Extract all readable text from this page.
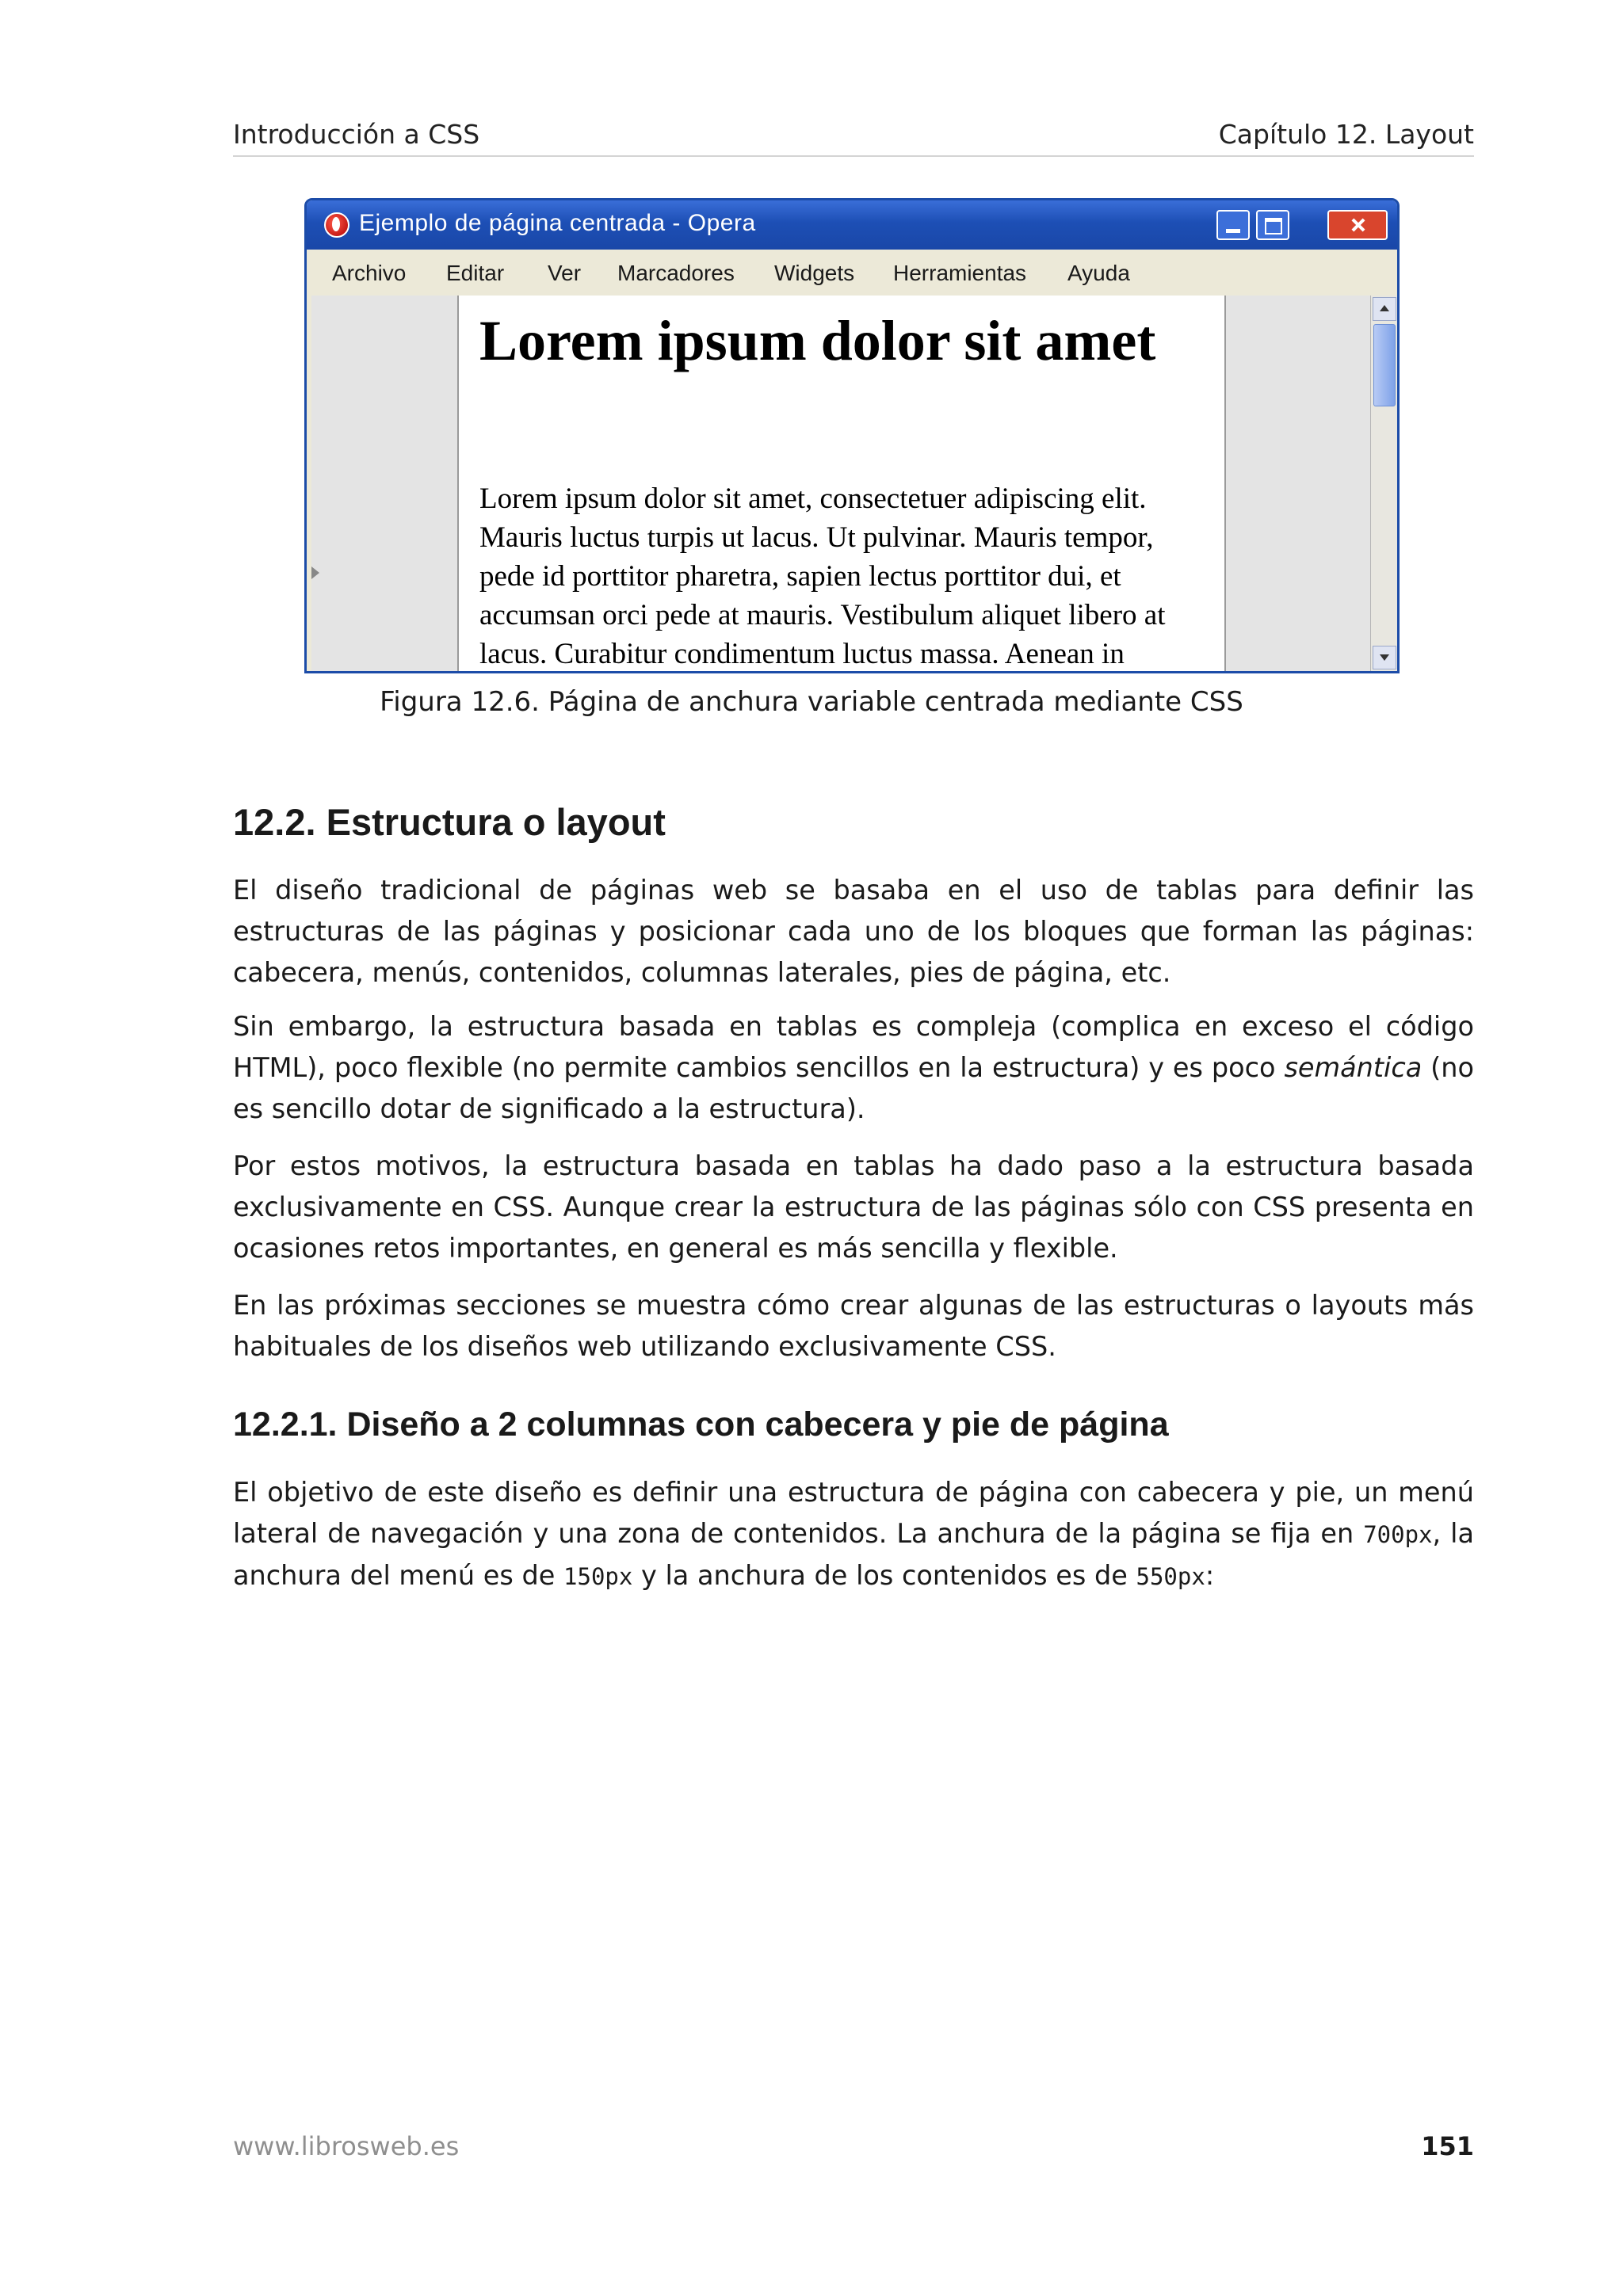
Introducción a CSS	Capítulo 12. Layout
Ejemplo de página centrada - Opera
Archivo Editar Ver Marcadores Widgets Herramientas Ayuda
Lorem ipsum dolor sit amet
Lorem ipsum dolor sit amet, consectetuer adipiscing elit. Mauris luctus turpis ut lacus. Ut pulvinar. Mauris tempor, pede id porttitor pharetra, sapien lectus porttitor dui, et accumsan orci pede at mauris. Vestibulum aliquet libero at lacus. Curabitur condimentum luctus massa. Aenean in
Figura 12.6. Página de anchura variable centrada mediante CSS
12.2. Estructura o layout

El diseño tradicional de páginas web se basaba en el uso de tablas para definir las estructuras de las páginas y posicionar cada uno de los bloques que forman las páginas: cabecera, menús, contenidos, columnas laterales, pies de página, etc.

Sin embargo, la estructura basada en tablas es compleja (complica en exceso el código HTML), poco flexible (no permite cambios sencillos en la estructura) y es poco semántica (no es sencillo dotar de significado a la estructura).

Por estos motivos, la estructura basada en tablas ha dado paso a la estructura basada exclusivamente en CSS. Aunque crear la estructura de las páginas sólo con CSS presenta en ocasiones retos importantes, en general es más sencilla y flexible.

En las próximas secciones se muestra cómo crear algunas de las estructuras o layouts más habituales de los diseños web utilizando exclusivamente CSS.

12.2.1. Diseño a 2 columnas con cabecera y pie de página

El objetivo de este diseño es definir una estructura de página con cabecera y pie, un menú lateral de navegación y una zona de contenidos. La anchura de la página se fija en 700px, la anchura del menú es de 150px y la anchura de los contenidos es de 550px:

www.librosweb.es	151
